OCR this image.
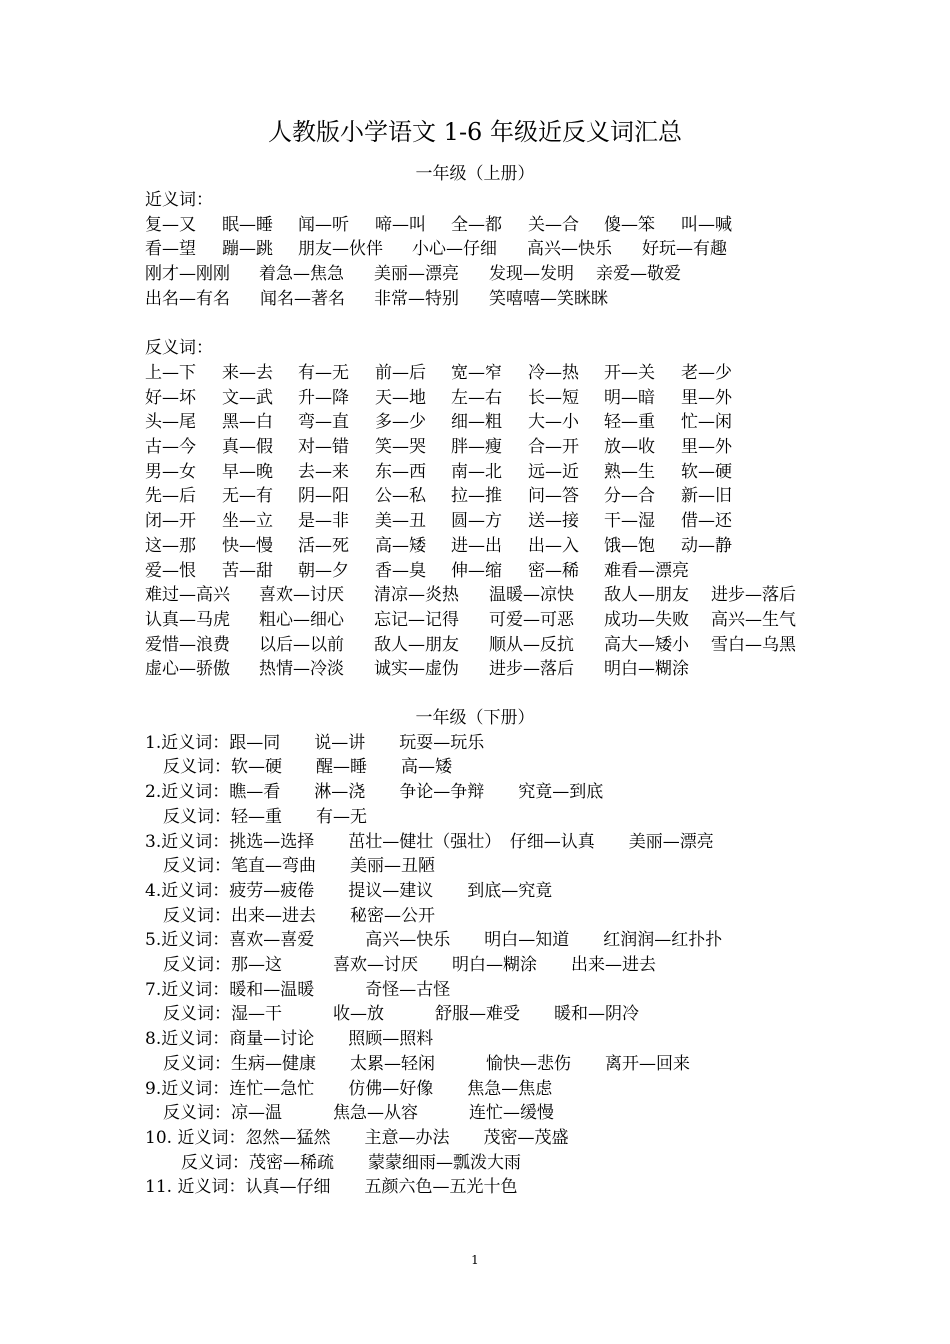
人教版小学语文 1-6 年级近反义词汇总
一年级（上册）
近义词：
复—又 眠—睡 闻—听 啼—叫 全—都 关—合 傻—笨 叫—喊
看—望 蹦—跳 朋友—伙伴 小心—仔细 高兴—快乐 好玩—有趣
刚才—刚刚 着急—焦急 美丽—漂亮 发现—发明 亲爱—敬爱
出名—有名 闻名—著名 非常—特别 笑嘻嘻—笑眯眯
反义词：
上—下 来—去 有—无 前—后 宽—窄 冷—热 开—关 老—少
好—坏 文—武 升—降 天—地 左—右 长—短 明—暗 里—外
头—尾 黑—白 弯—直 多—少 细—粗 大—小 轻—重 忙—闲
古—今 真—假 对—错 笑—哭 胖—瘦 合—开 放—收 里—外
男—女 早—晚 去—来 东—西 南—北 远—近 熟—生 软—硬
先—后 无—有 阴—阳 公—私 拉—推 问—答 分—合 新—旧
闭—开 坐—立 是—非 美—丑 圆—方 送—接 干—湿 借—还
这—那 快—慢 活—死 高—矮 进—出 出—入 饿—饱 动—静
爱—恨 苦—甜 朝—夕 香—臭 伸—缩 密—稀 难看—漂亮
难过—高兴 喜欢—讨厌 清凉—炎热 温暖—凉快 敌人—朋友 进步—落后
认真—马虎 粗心—细心 忘记—记得 可爱—可恶 成功—失败 高兴—生气
爱惜—浪费 以后—以前 敌人—朋友 顺从—反抗 高大—矮小 雪白—乌黑
虚心—骄傲 热情—冷淡 诚实—虚伪 进步—落后 明白—糊涂
一年级（下册）
1.近义词：跟—同　　说—讲　　玩耍—玩乐
反义词：软—硬　　醒—睡　　高—矮
2.近义词：瞧—看　　淋—浇　　争论—争辩　　究竟—到底
反义词：轻—重　　有—无
3.近义词：挑选—选择　　茁壮—健壮（强壮）　仔细—认真　　美丽—漂亮
反义词：笔直—弯曲　　美丽—丑陋
4.近义词：疲劳—疲倦　　提议—建议　　到底—究竟
反义词：出来—进去　　秘密—公开
5.近义词：喜欢—喜爱　　　高兴—快乐　　明白—知道　　红润润—红扑扑
反义词：那—这　　　喜欢—讨厌　　明白—糊涂　　出来—进去
7.近义词：暖和—温暖　　　奇怪—古怪
反义词：湿—干　　　收—放　　　舒服—难受　　暖和—阴冷
8.近义词：商量—讨论　　照顾—照料
反义词：生病—健康　　太累—轻闲　　　愉快—悲伤　　离开—回来
9.近义词：连忙—急忙　　仿佛—好像　　焦急—焦虑
反义词：凉—温　　　焦急—从容　　　连忙—缓慢
10. 近义词：忽然—猛然　　主意—办法　　茂密—茂盛
反义词：茂密—稀疏　　蒙蒙细雨—瓢泼大雨
11. 近义词：认真—仔细　　五颜六色—五光十色
1
